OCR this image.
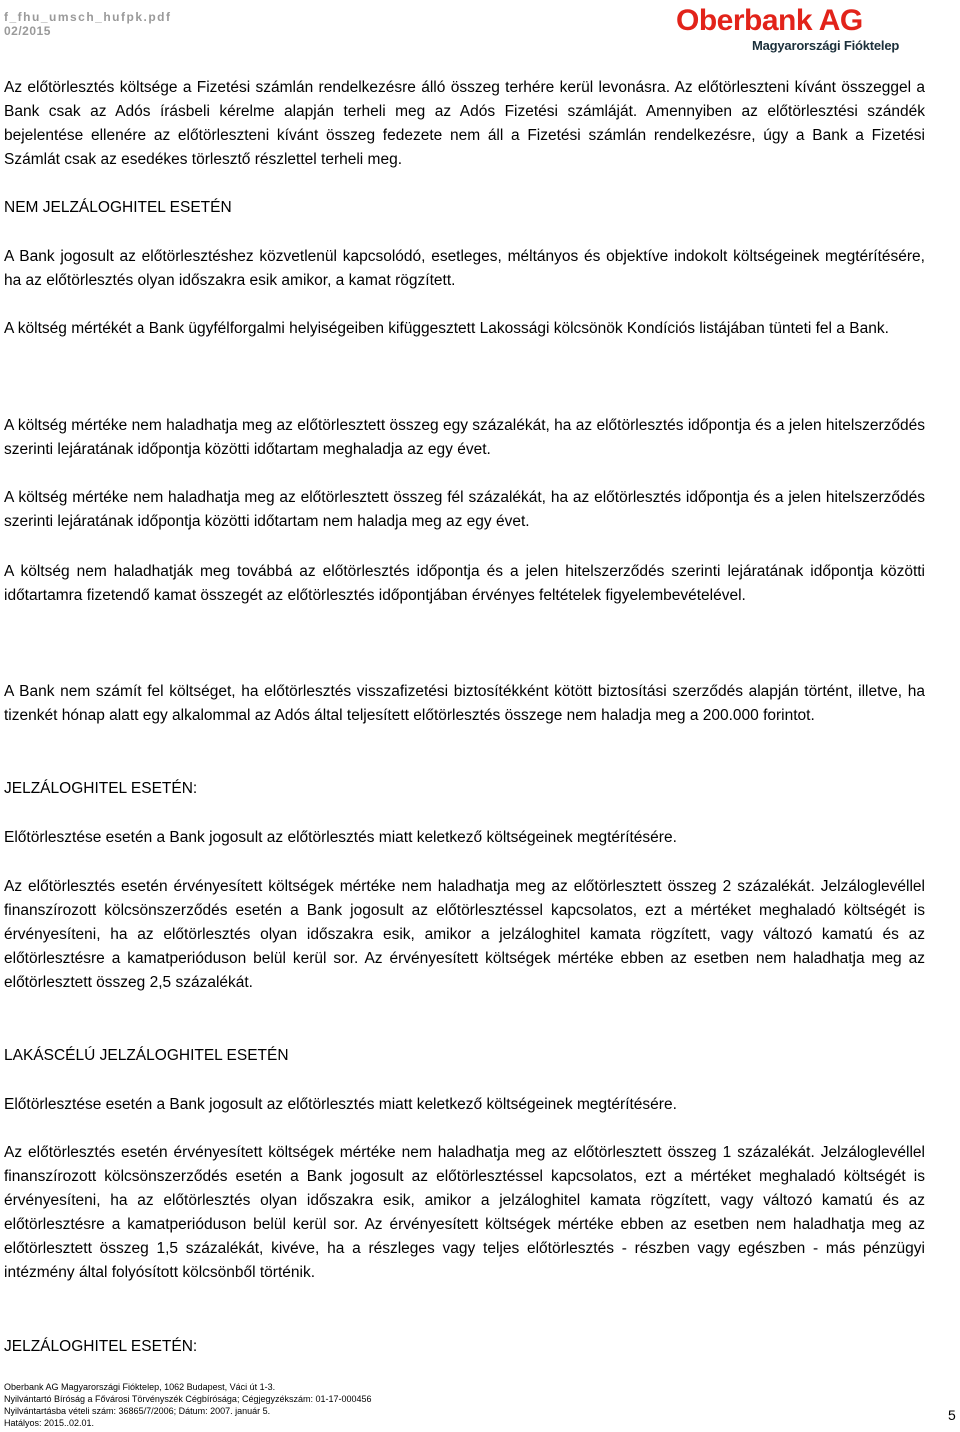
f_fhu_umsch_hufpk.pdf
02/2015	Oberbank AG
Magyarországi Fióktelep

Az előtörlesztés költsége a Fizetési számlán rendelkezésre álló összeg terhére kerül levonásra. Az előtörleszteni kívánt összeggel a Bank csak az Adós írásbeli kérelme alapján terheli meg az Adós Fizetési számláját. Amennyiben az előtörlesztési szándék bejelentése ellenére az előtörleszteni kívánt összeg fedezete nem áll a Fizetési számlán rendelkezésre, úgy a Bank a Fizetési Számlát csak az esedékes törlesztő részlettel terheli meg.

NEM JELZÁLOGHITEL ESETÉN

A Bank jogosult az előtörlesztéshez közvetlenül kapcsolódó, esetleges, méltányos és objektíve indokolt költségeinek megtérítésére, ha az előtörlesztés olyan időszakra esik amikor, a kamat rögzített.

A költség mértékét a Bank ügyfélforgalmi helyiségeiben kifüggesztett Lakossági kölcsönök Kondíciós listájában tünteti fel a Bank.

A költség mértéke nem haladhatja meg az előtörlesztett összeg egy százalékát, ha az előtörlesztés időpontja és a jelen hitelszerződés szerinti lejáratának időpontja közötti időtartam meghaladja az egy évet.

A költség mértéke nem haladhatja meg az előtörlesztett összeg fél százalékát, ha az előtörlesztés időpontja és a jelen hitelszerződés szerinti lejáratának időpontja közötti időtartam nem haladja meg az egy évet.

A költség nem haladhatják meg továbbá az előtörlesztés időpontja és a jelen hitelszerződés szerinti lejáratának időpontja közötti időtartamra fizetendő kamat összegét az előtörlesztés időpontjában érvényes feltételek figyelembevételével.

A Bank nem számít fel költséget, ha előtörlesztés visszafizetési biztosítékként kötött biztosítási szerződés alapján történt, illetve, ha tizenkét hónap alatt egy alkalommal az Adós által teljesített előtörlesztés összege nem haladja meg a 200.000 forintot.

JELZÁLOGHITEL ESETÉN:

Előtörlesztése esetén a Bank jogosult az előtörlesztés miatt keletkező költségeinek megtérítésére.

Az előtörlesztés esetén érvényesített költségek mértéke nem haladhatja meg az előtörlesztett összeg 2 százalékát. Jelzáloglevéllel finanszírozott kölcsönszerződés esetén a Bank jogosult az előtörlesztéssel kapcsolatos, ezt a mértéket meghaladó költségét is érvényesíteni, ha az előtörlesztés olyan időszakra esik, amikor a jelzáloghitel kamata rögzített, vagy változó kamatú és az előtörlesztésre a kamatperióduson belül kerül sor. Az érvényesített költségek mértéke ebben az esetben nem haladhatja meg az előtörlesztett összeg 2,5 százalékát.

LAKÁSCÉLÚ JELZÁLOGHITEL ESETÉN

Előtörlesztése esetén a Bank jogosult az előtörlesztés miatt keletkező költségeinek megtérítésére.

Az előtörlesztés esetén érvényesített költségek mértéke nem haladhatja meg az előtörlesztett összeg 1 százalékát. Jelzáloglevéllel finanszírozott kölcsönszerződés esetén a Bank jogosult az előtörlesztéssel kapcsolatos, ezt a mértéket meghaladó költségét is érvényesíteni, ha az előtörlesztés olyan időszakra esik, amikor a jelzáloghitel kamata rögzített, vagy változó kamatú és az előtörlesztésre a kamatperióduson belül kerül sor. Az érvényesített költségek mértéke ebben az esetben nem haladhatja meg az előtörlesztett összeg 1,5 százalékát, kivéve, ha a részleges vagy teljes előtörlesztés - részben vagy egészben - más pénzügyi intézmény által folyósított kölcsönből történik.

JELZÁLOGHITEL ESETÉN:

Oberbank AG Magyarországi Fióktelep, 1062 Budapest, Váci út 1-3.
Nyilvántartó Bíróság a Fővárosi Törvényszék Cégbírósága; Cégjegyzékszám: 01-17-000456
Nyilvántartásba vételi szám: 36865/7/2006; Dátum: 2007. január 5.
Hatályos: 2015..02.01.	5
